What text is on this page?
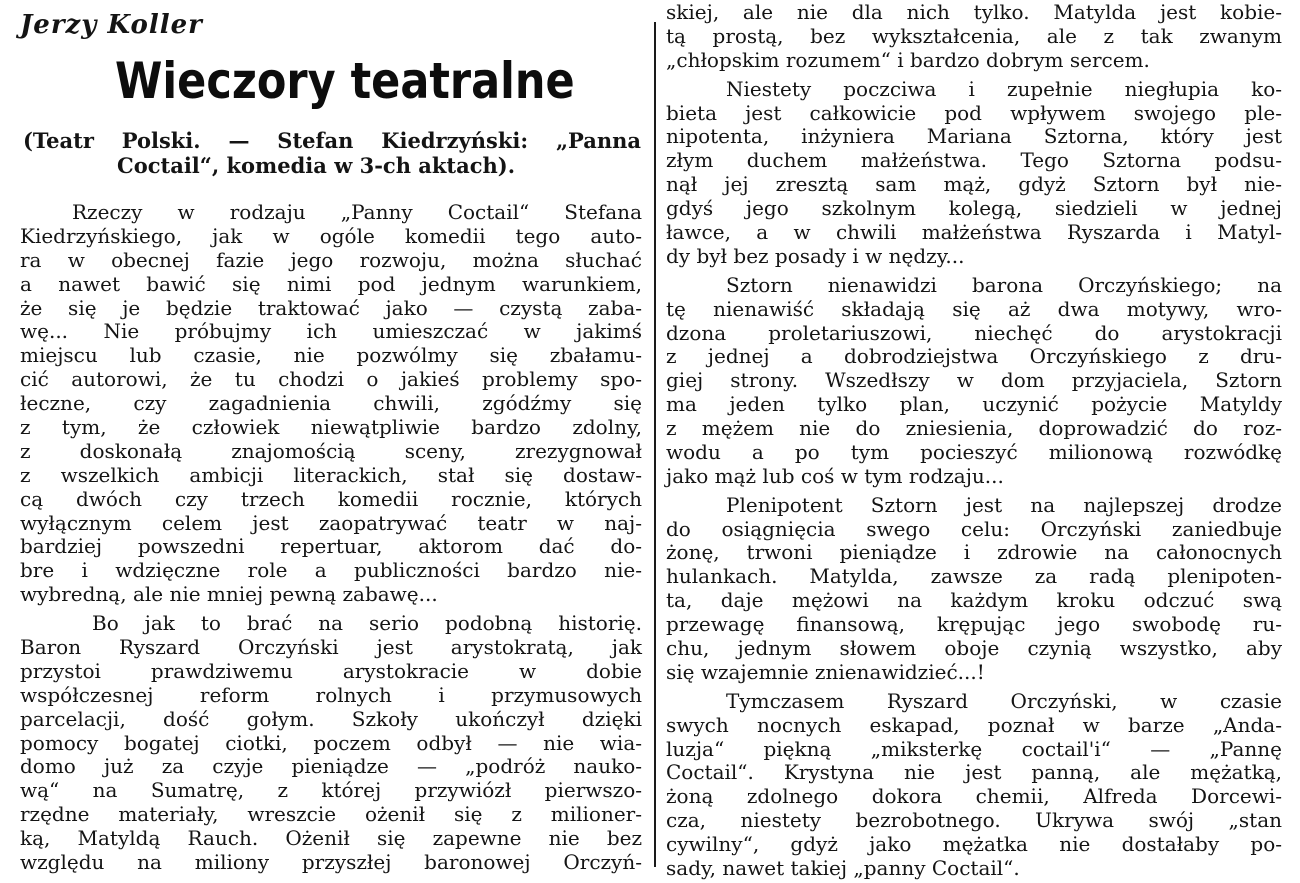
Jerzy Koller
Wieczory teatralne
(Teatr Polski. — Stefan Kiedrzyński: „Panna
Coctail“, komedia w 3-ch aktach).
Rzeczy w rodzaju „Panny Coctail“ Stefana
Kiedrzyńskiego, jak w ogóle komedii tego auto-
ra w obecnej fazie jego rozwoju, można słuchać
a nawet bawić się nimi pod jednym warunkiem,
że się je będzie traktować jako — czystą zaba-
wę... Nie próbujmy ich umieszczać w jakimś
miejscu lub czasie, nie pozwólmy się zbałamu-
cić autorowi, że tu chodzi o jakieś problemy spo-
łeczne, czy zagadnienia chwili, zgódźmy się
z tym, że człowiek niewątpliwie bardzo zdolny,
z doskonałą znajomością sceny, zrezygnował
z wszelkich ambicji literackich, stał się dostaw-
cą dwóch czy trzech komedii rocznie, których
wyłącznym celem jest zaopatrywać teatr w naj-
bardziej powszedni repertuar, aktorom dać do-
bre i wdzięczne role a publiczności bardzo nie-
wybredną, ale nie mniej pewną zabawę...
Bo jak to brać na serio podobną historię.
Baron Ryszard Orczyński jest arystokratą, jak
przystoi prawdziwemu arystokracie w dobie
współczesnej reform rolnych i przymusowych
parcelacji, dość gołym. Szkoły ukończył dzięki
pomocy bogatej ciotki, poczem odbył — nie wia-
domo już za czyje pieniądze — „podróż nauko-
wą“ na Sumatrę, z której przywiózł pierwszo-
rzędne materiały, wreszcie ożenił się z milioner-
ką, Matyldą Rauch. Ożenił się zapewne nie bez
względu na miliony przyszłej baronowej Orczyń-
skiej, ale nie dla nich tylko. Matylda jest kobie-
tą prostą, bez wykształcenia, ale z tak zwanym
„chłopskim rozumem“ i bardzo dobrym sercem.
Niestety poczciwa i zupełnie niegłupia ko-
bieta jest całkowicie pod wpływem swojego ple-
nipotenta, inżyniera Mariana Sztorna, który jest
złym duchem małżeństwa. Tego Sztorna podsu-
nął jej zresztą sam mąż, gdyż Sztorn był nie-
gdyś jego szkolnym kolegą, siedzieli w jednej
ławce, a w chwili małżeństwa Ryszarda i Matyl-
dy był bez posady i w nędzy...
Sztorn nienawidzi barona Orczyńskiego; na
tę nienawiść składają się aż dwa motywy, wro-
dzona proletariuszowi, niechęć do arystokracji
z jednej a dobrodziejstwa Orczyńskiego z dru-
giej strony. Wszedłszy w dom przyjaciela, Sztorn
ma jeden tylko plan, uczynić pożycie Matyldy
z mężem nie do zniesienia, doprowadzić do roz-
wodu a po tym pocieszyć milionową rozwódkę
jako mąż lub coś w tym rodzaju...
Plenipotent Sztorn jest na najlepszej drodze
do osiągnięcia swego celu: Orczyński zaniedbuje
żonę, trwoni pieniądze i zdrowie na całonocnych
hulankach. Matylda, zawsze za radą plenipoten-
ta, daje mężowi na każdym kroku odczuć swą
przewagę finansową, krępując jego swobodę ru-
chu, jednym słowem oboje czynią wszystko, aby
się wzajemnie znienawidzieć...!
Tymczasem Ryszard Orczyński, w czasie
swych nocnych eskapad, poznał w barze „Anda-
luzja“ piękną „miksterkę coctail'i“ — „Pannę
Coctail“. Krystyna nie jest panną, ale mężatką,
żoną zdolnego dokora chemii, Alfreda Dorcewi-
cza, niestety bezrobotnego. Ukrywa swój „stan
cywilny“, gdyż jako mężatka nie dostałaby po-
sady, nawet takiej „panny Coctail“.
